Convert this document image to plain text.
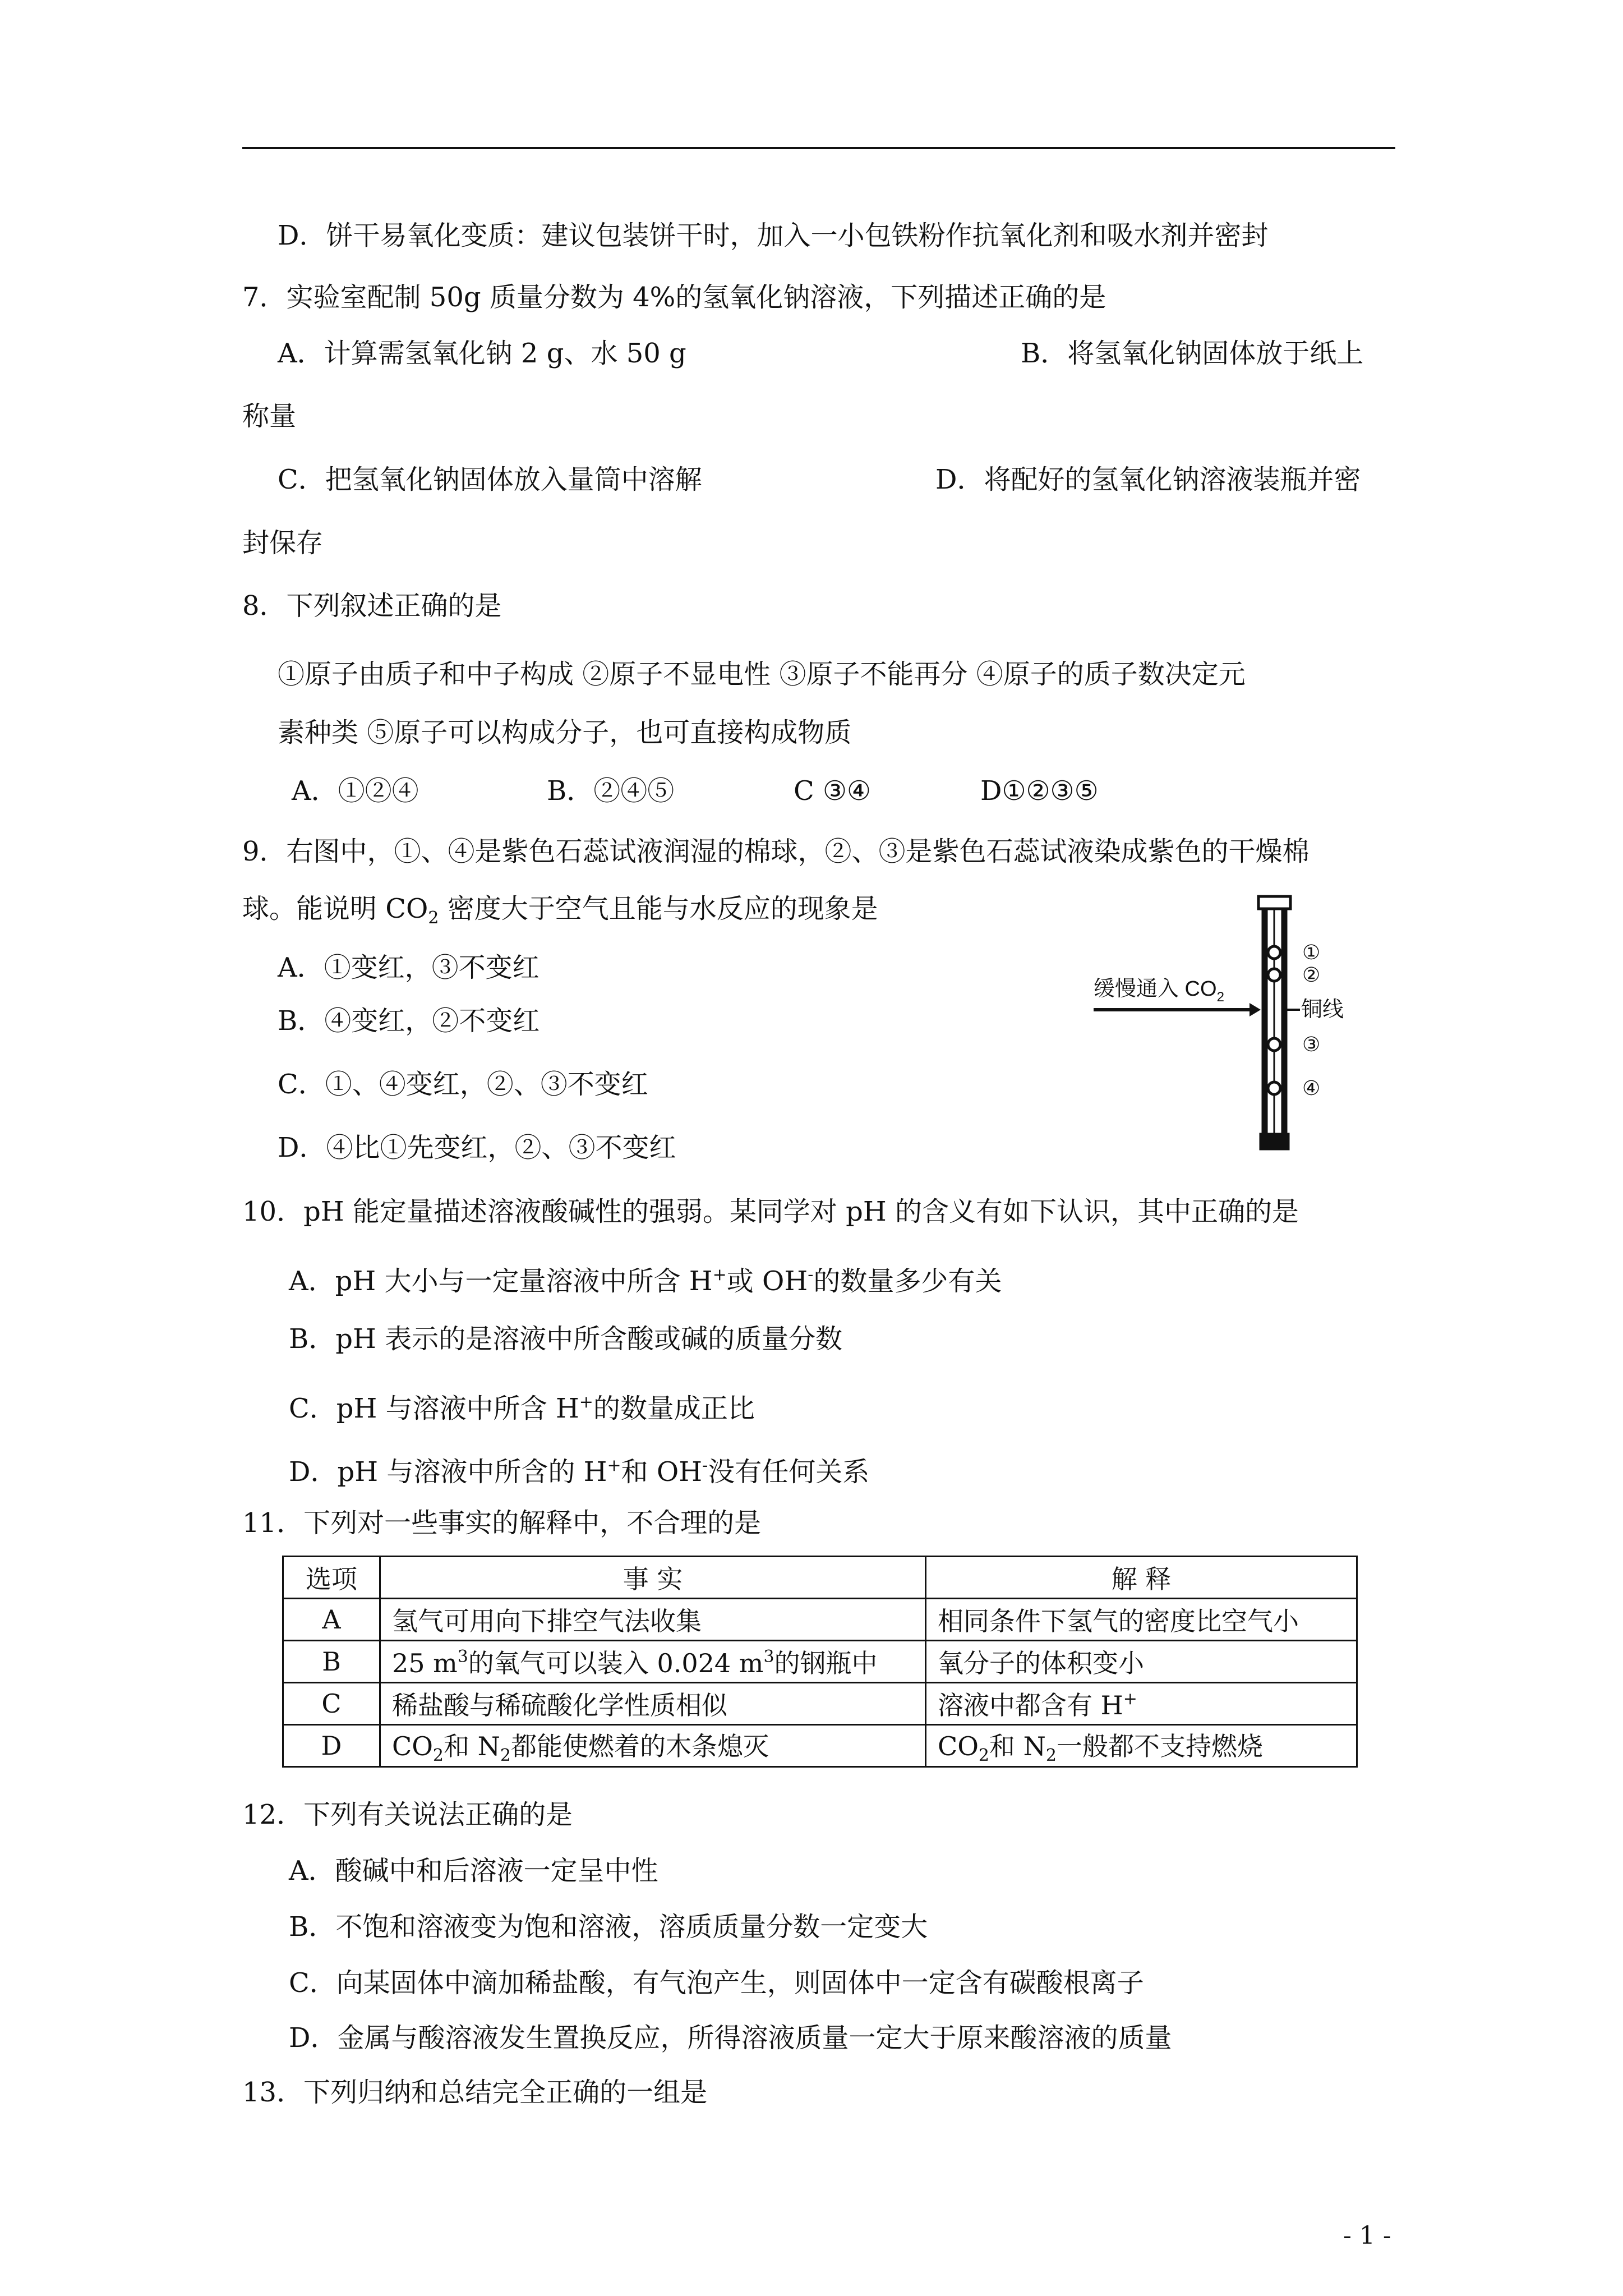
D．饼干易氧化变质：建议包装饼干时，加入一小包铁粉作抗氧化剂和吸水剂并密封
7．实验室配制 50g 质量分数为 4%的氢氧化钠溶液，下列描述正确的是
A．计算需氢氧化钠 2 g、水 50 g	B．将氢氧化钠固体放于纸上
称量
C．把氢氧化钠固体放入量筒中溶解	D．将配好的氢氧化钠溶液装瓶并密
封保存
8．下列叙述正确的是
①原子由质子和中子构成 ②原子不显电性 ③原子不能再分 ④原子的质子数决定元
素种类 ⑤原子可以构成分子，也可直接构成物质
A．①②④	B．②④⑤	C ③④	D①②③⑤
9．右图中，①、④是紫色石蕊试液润湿的棉球，②、③是紫色石蕊试液染成紫色的干燥棉
球。能说明 $CO_2$ 密度大于空气且能与水反应的现象是
A．①变红，③不变红
B．④变红，②不变红
C．①、④变红，②、③不变红
D．④比①先变红，②、③不变红
缓慢通入 $CO_2$
铜线
①
②
③
④
10．pH 能定量描述溶液酸碱性的强弱。某同学对 pH 的含义有如下认识，其中正确的是
A．pH 大小与一定量溶液中所含 H+或 OH-的数量多少有关
B．pH 表示的是溶液中所含酸或碱的质量分数
C．pH 与溶液中所含 H+的数量成正比
D．pH 与溶液中所含的 H+和 OH-没有任何关系
11．下列对一些事实的解释中，不合理的是
选项	事 实	解 释
A	氢气可用向下排空气法收集	相同条件下氢气的密度比空气小
B	25 $m^3$的氧气可以装入 0.024 $m^3$的钢瓶中	氧分子的体积变小
C	稀盐酸与稀硫酸化学性质相似	溶液中都含有 H+
D	$CO_2$和 $N_2$都能使燃着的木条熄灭	$CO_2$和 $N_2$一般都不支持燃烧
12．下列有关说法正确的是
A．酸碱中和后溶液一定呈中性
B．不饱和溶液变为饱和溶液，溶质质量分数一定变大
C．向某固体中滴加稀盐酸，有气泡产生，则固体中一定含有碳酸根离子
D．金属与酸溶液发生置换反应，所得溶液质量一定大于原来酸溶液的质量
13．下列归纳和总结完全正确的一组是
- 1 -
